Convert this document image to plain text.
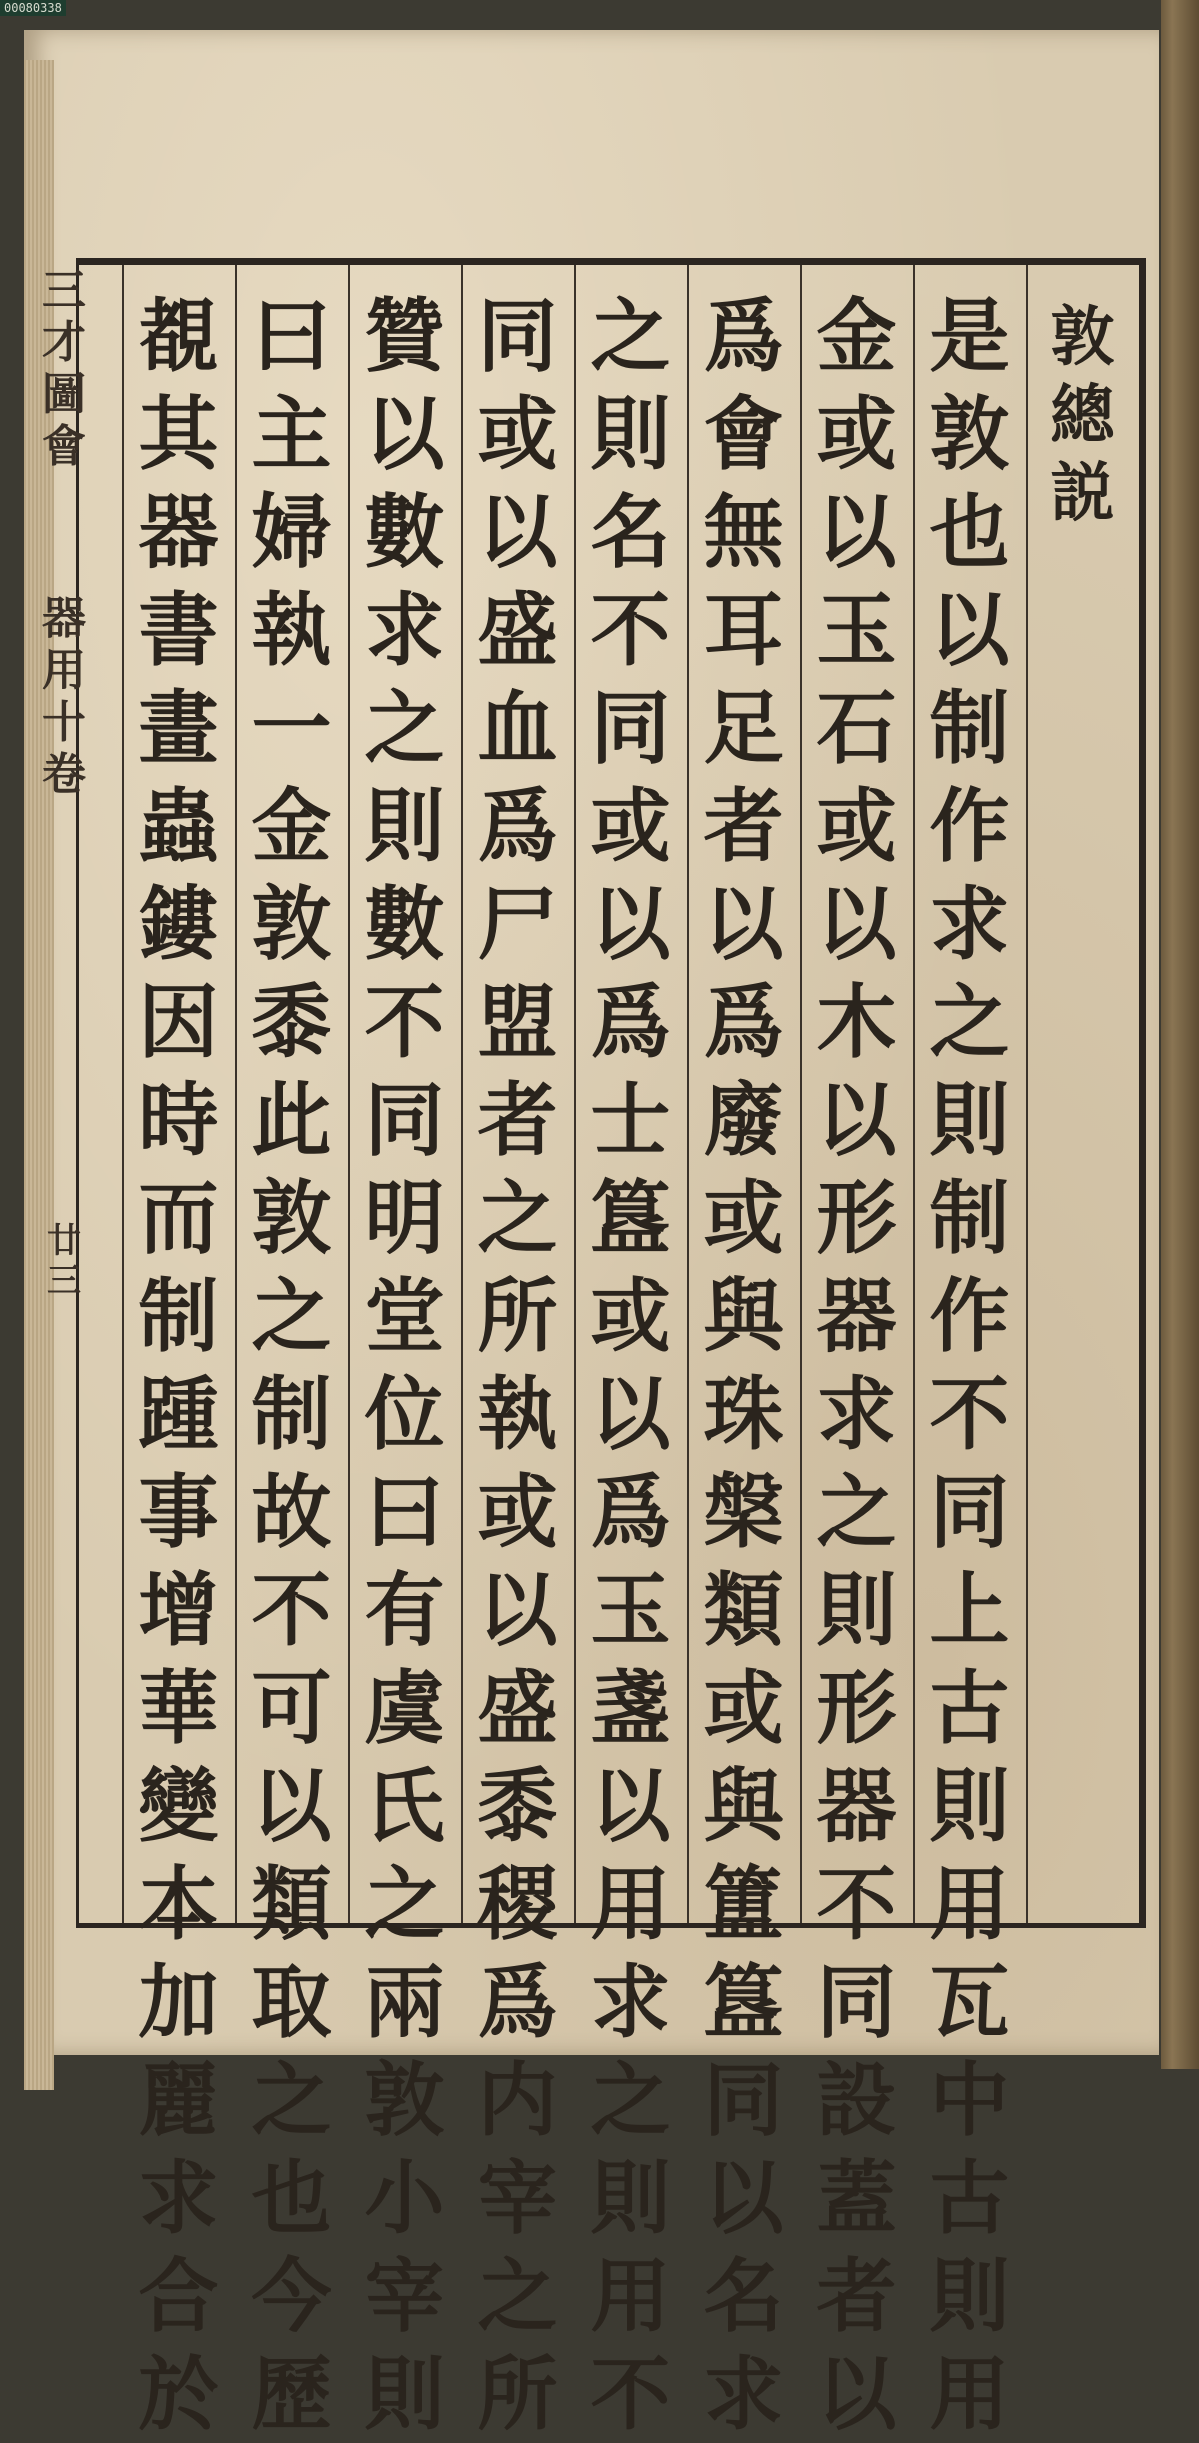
00080338
三
才
圖
會
器
用
十
卷
廿三
敦
總
説
是
敦
也
以
制
作
求
之
則
制
作
不
同
上
古
則
用
瓦
中
古
則
用
金
或
以
玉
石
或
以
木
以
形
器
求
之
則
形
器
不
同
設
蓋
者
以
爲
會
無
耳
足
者
以
爲
廢
或
與
珠
槃
類
或
與
簠
簋
同
以
名
求
之
則
名
不
同
或
以
爲
士
簋
或
以
爲
玉
盞
以
用
求
之
則
用
不
同
或
以
盛
血
爲
尸
盟
者
之
所
執
或
以
盛
黍
稷
爲
内
宰
之
所
贊
以
數
求
之
則
數
不
同
明
堂
位
曰
有
虞
氏
之
兩
敦
小
宰
則
曰
主
婦
執
一
金
敦
黍
此
敦
之
制
故
不
可
以
類
取
之
也
今
歷
覩
其
器
書
畫
蟲
鏤
因
時
而
制
踵
事
增
華
變
本
加
麗
求
合
於
